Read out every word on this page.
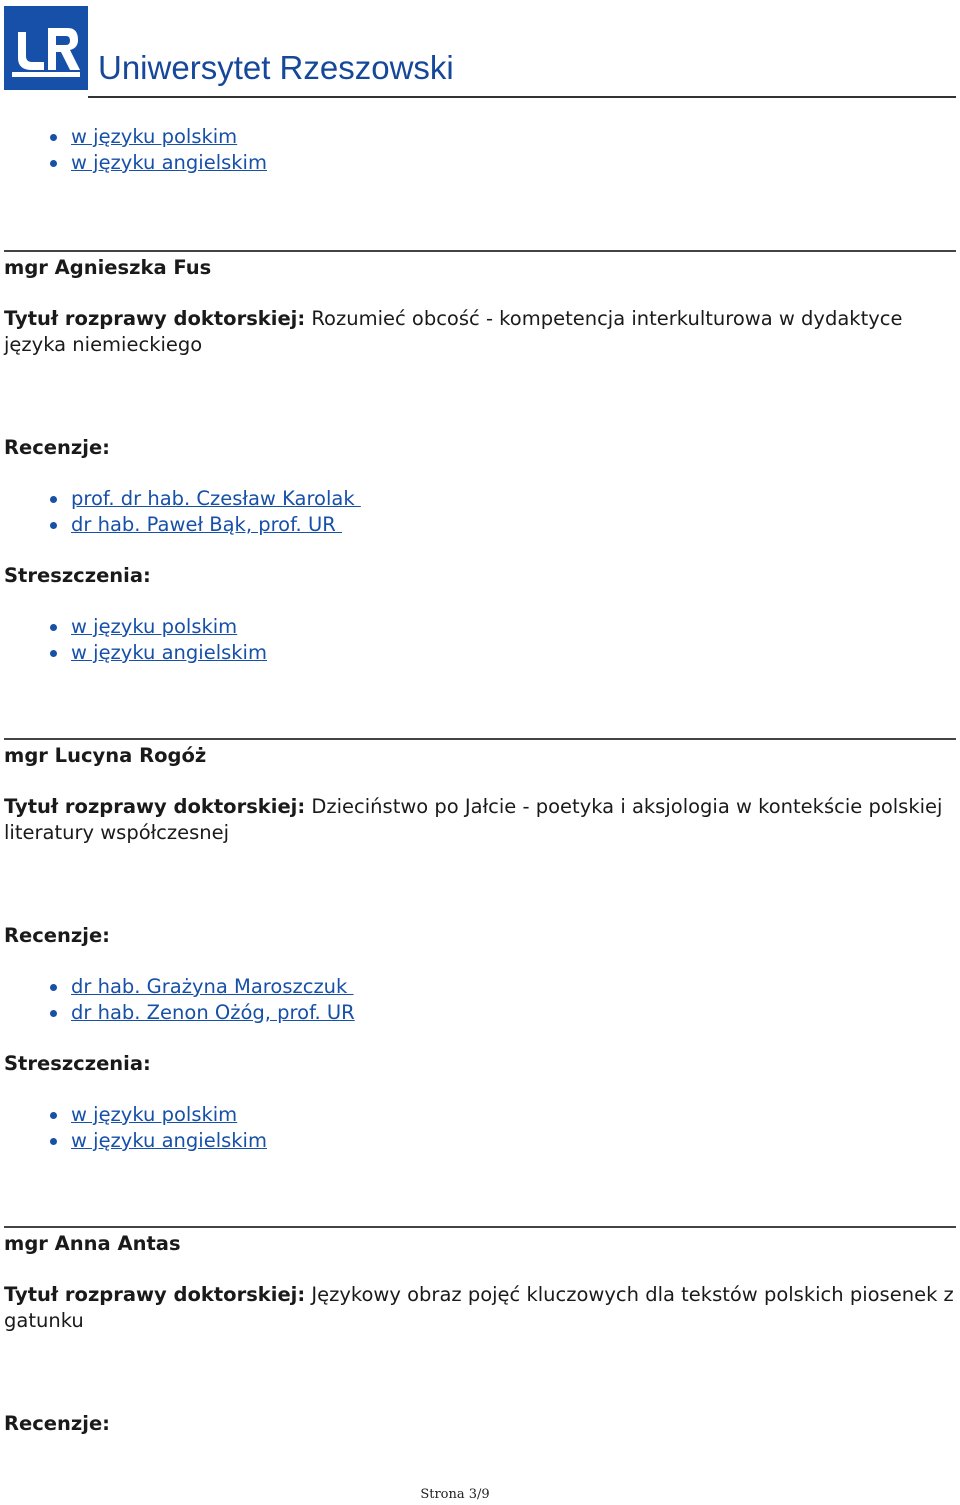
Uniwersytet Rzeszowski
w języku polskim
w języku angielskim
mgr Agnieszka Fus
Tytuł rozprawy doktorskiej: Rozumieć obcość - kompetencja interkulturowa w dydaktyce języka niemieckiego
Recenzje:
prof. dr hab. Czesław Karolak
dr hab. Paweł Bąk, prof. UR
Streszczenia:
w języku polskim
w języku angielskim
mgr Lucyna Rogóż
Tytuł rozprawy doktorskiej: Dzieciństwo po Jałcie - poetyka i aksjologia w kontekście polskiej literatury współczesnej
Recenzje:
dr hab. Grażyna Maroszczuk
dr hab. Zenon Ożóg, prof. UR
Streszczenia:
w języku polskim
w języku angielskim
mgr Anna Antas
Tytuł rozprawy doktorskiej: Językowy obraz pojęć kluczowych dla tekstów polskich piosenek z gatunku
Recenzje:
Strona 3/9
